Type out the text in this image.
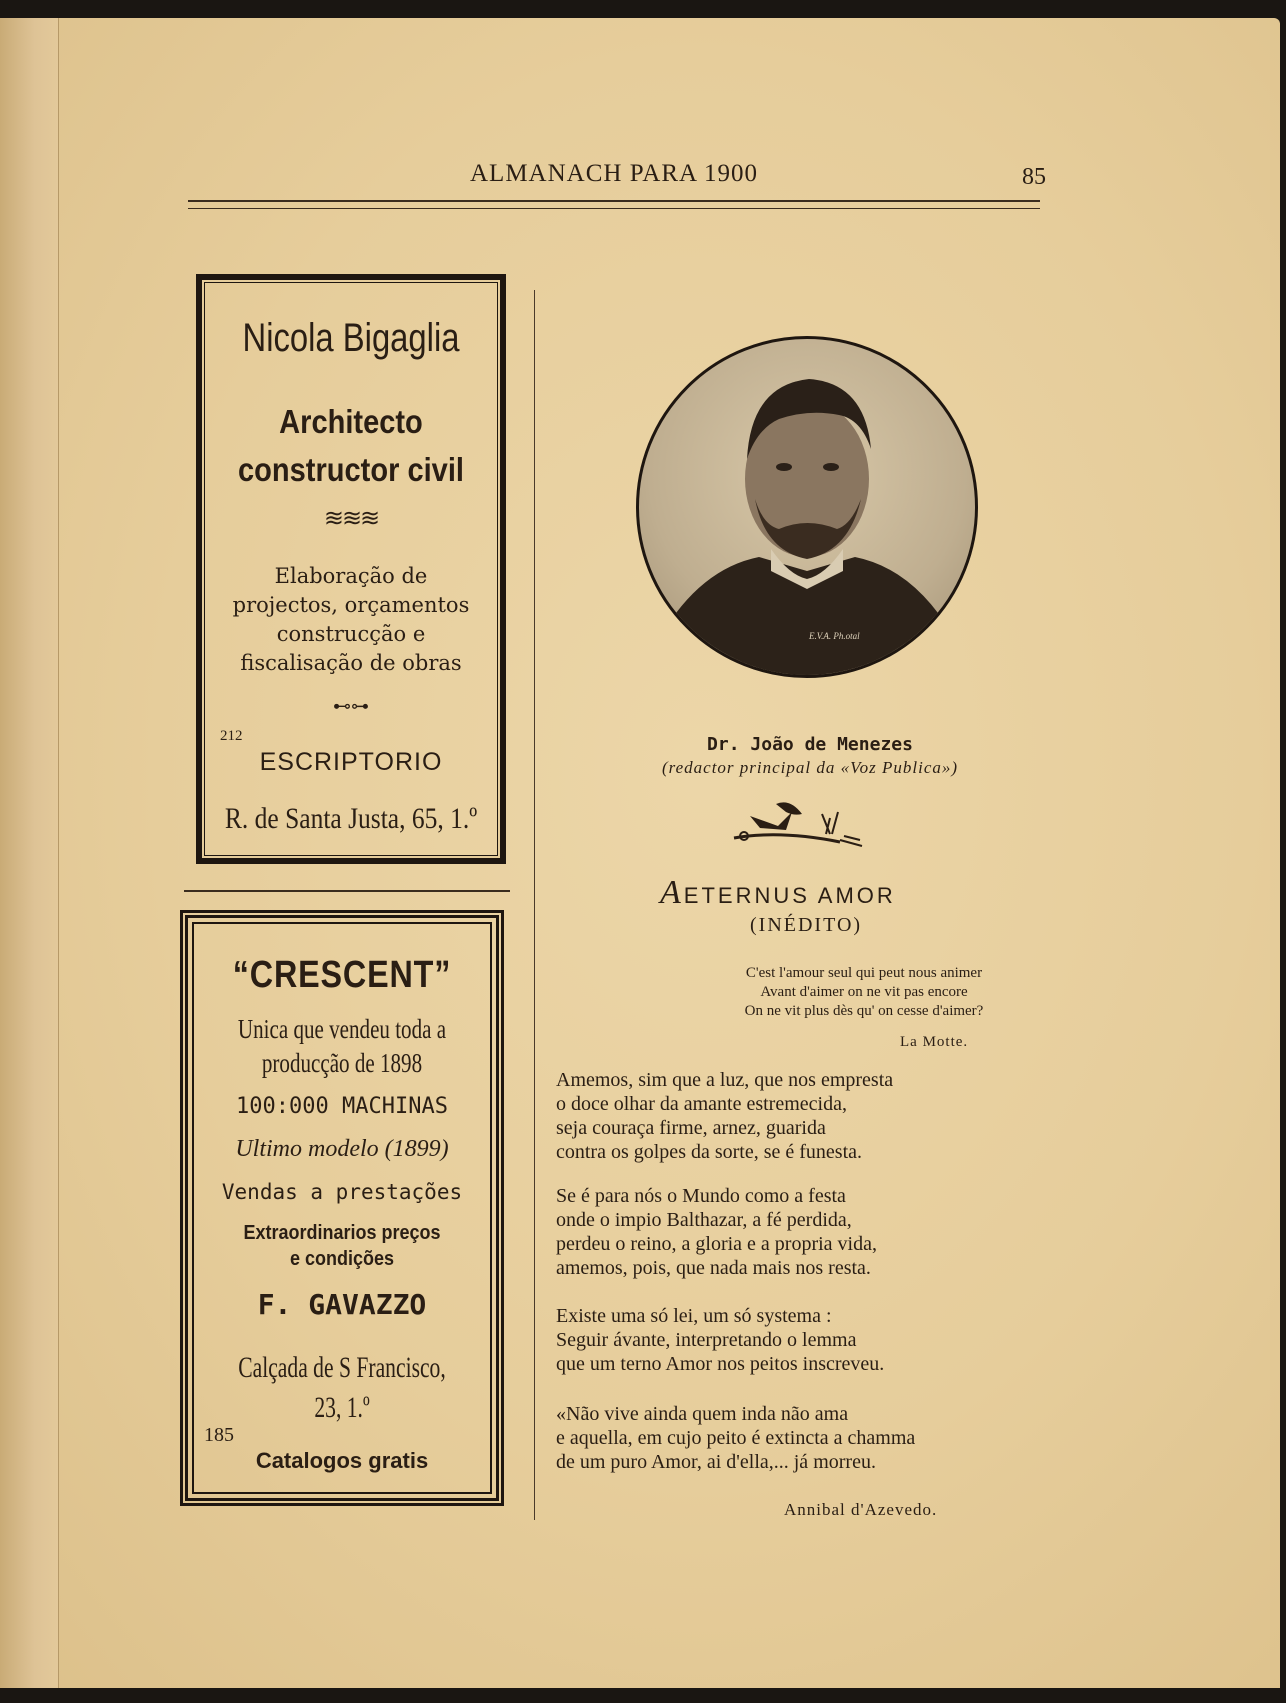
ALMANACH PARA 1900	85
Nicola Bigaglia
Architecto
constructor civil
≋≋≋
Elaboração de
projectos, orçamentos
construcção e
fiscalisação de obras
⊷⊶
212
ESCRIPTORIO
R. de Santa Justa, 65, 1.º
“CRESCENT”
Unica que vendeu toda a
producção de 1898
100:000 MACHINAS
Ultimo modelo (1899)
Vendas a prestações
Extraordinarios preços
e condições
F. GAVAZZO
Calçada de S Francisco,
23, 1.º
185
Catalogos gratis
E.V.A. Ph.otal
Dr. João de Menezes
(redactor principal da «Voz Publica»)
AETERNUS AMOR
(INÉDITO)
C'est l'amour seul qui peut nous animer
Avant d'aimer on ne vit pas encore
On ne vit plus dès qu' on cesse d'aimer?
La Motte.
Amemos, sim que a luz, que nos empresta
o doce olhar da amante estremecida,
seja couraça firme, arnez, guarida
contra os golpes da sorte, se é funesta.
Se é para nós o Mundo como a festa
onde o impio Balthazar, a fé perdida,
perdeu o reino, a gloria e a propria vida,
amemos, pois, que nada mais nos resta.
Existe uma só lei, um só systema :
Seguir ávante, interpretando o lemma
que um terno Amor nos peitos inscreveu.
«Não vive ainda quem inda não ama
e aquella, em cujo peito é extincta a chamma
de um puro Amor, ai d'ella,... já morreu.
Annibal d'Azevedo.
